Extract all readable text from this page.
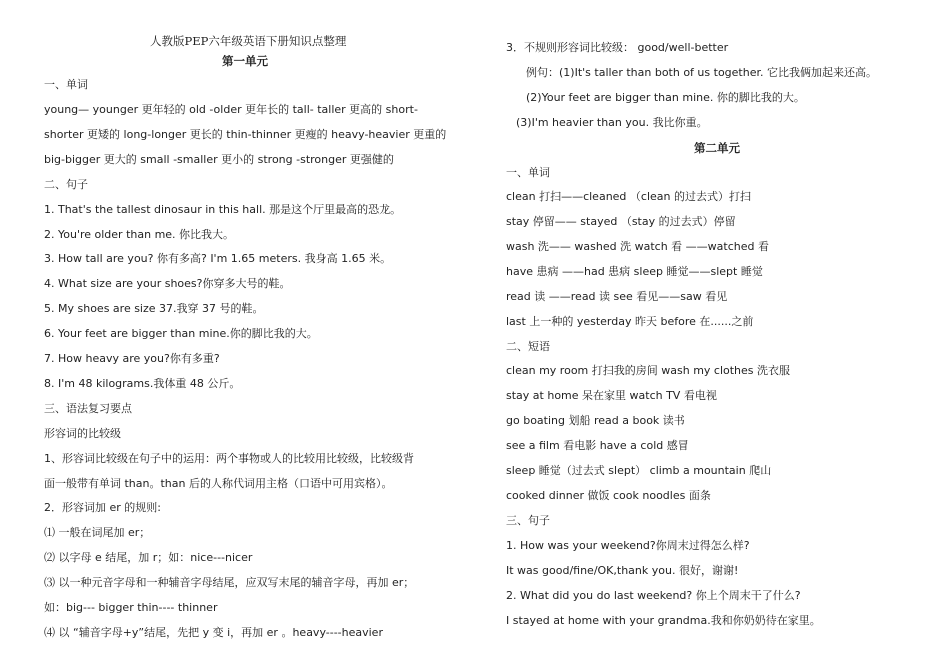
人教版PEP六年级英语下册知识点整理
第一单元
一、单词
young— younger 更年轻的 old -older 更年长的 tall- taller 更高的 short-
shorter 更矮的 long-longer 更长的 thin-thinner 更瘦的 heavy-heavier 更重的
big-bigger 更大的 small -smaller 更小的 strong -stronger 更强健的
二、句子
1. That's the tallest dinosaur in this hall. 那是这个厅里最高的恐龙。
2. You're older than me. 你比我大。
3. How tall are you? 你有多高? I'm 1.65 meters. 我身高 1.65 米。
4. What size are your shoes?你穿多大号的鞋。
5. My shoes are size 37.我穿 37 号的鞋。
6. Your feet are bigger than mine.你的脚比我的大。
7. How heavy are you?你有多重?
8. I'm 48 kilograms.我体重 48 公斤。
三、语法复习要点
形容词的比较级
1、形容词比较级在句子中的运用：两个事物或人的比较用比较级，比较级背
面一般带有单词 than。than 后的人称代词用主格（口语中可用宾格）。
2．形容词加 er 的规则:
⑴ 一般在词尾加 er；
⑵ 以字母 e 结尾，加 r；如：nice---nicer
⑶ 以一种元音字母和一种辅音字母结尾，应双写末尾的辅音字母，再加 er；
如：big--- bigger thin---- thinner
⑷ 以 “辅音字母+y”结尾，先把 y 变 i，再加 er 。heavy----heavier
3．不规则形容词比较级： good/well-better
例句：(1)It's taller than both of us together. 它比我俩加起来还高。
(2)Your feet are bigger than mine. 你的脚比我的大。
(3)I'm heavier than you. 我比你重。
第二单元
一、单词
clean 打扫——cleaned （clean 的过去式）打扫
stay 停留—— stayed （stay 的过去式）停留
wash 洗—— washed 洗 watch 看 ——watched 看
have 患病 ——had 患病 sleep 睡觉——slept 睡觉
read 读 ——read 读 see 看见——saw 看见
last 上一种的 yesterday 昨天 before 在......之前
二、短语
clean my room 打扫我的房间 wash my clothes 洗衣服
stay at home 呆在家里 watch TV 看电视
go boating 划船 read a book 读书
see a film 看电影 have a cold 感冒
sleep 睡觉（过去式 slept） climb a mountain 爬山
cooked dinner 做饭 cook noodles 面条
三、句子
1. How was your weekend?你周末过得怎么样?
It was good/fine/OK,thank you. 很好，谢谢!
2. What did you do last weekend? 你上个周末干了什么?
I stayed at home with your grandma.我和你奶奶待在家里。
